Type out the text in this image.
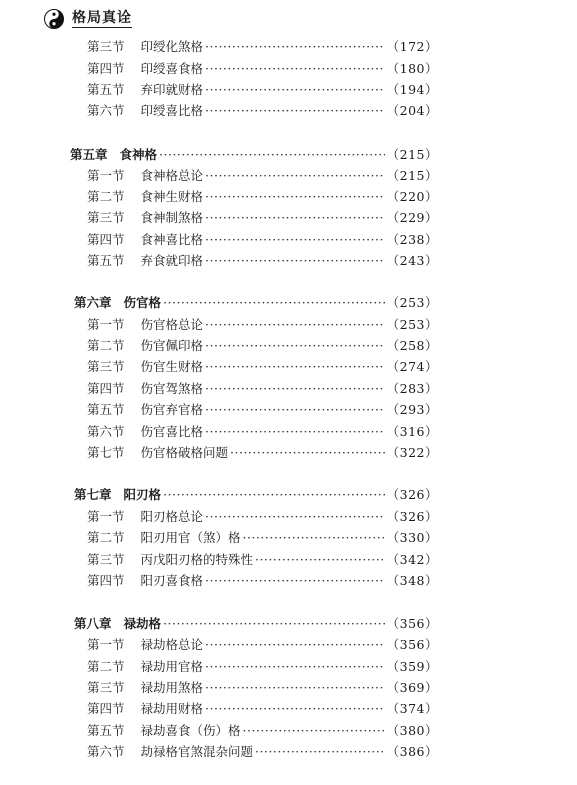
格局真诠
第三节 印绶化煞格 ·····	（172）
第四节 印绶喜食格 ·····	（180）
第五节 弃印就财格 ·····	（194）
第六节 印绶喜比格 ·····	（204）
第五章 食神格 ·····	（215）
第一节 食神格总论 ·····	（215）
第二节 食神生财格 ·····	（220）
第三节 食神制煞格 ·····	（229）
第四节 食神喜比格 ·····	（238）
第五节 弃食就印格 ·····	（243）
第六章 伤官格 ·····	（253）
第一节 伤官格总论 ·····	（253）
第二节 伤官佩印格 ·····	（258）
第三节 伤官生财格 ·····	（274）
第四节 伤官驾煞格 ·····	（283）
第五节 伤官弃官格 ·····	（293）
第六节 伤官喜比格 ·····	（316）
第七节 伤官格破格问题 ·····	（322）
第七章 阳刃格 ·····	（326）
第一节 阳刃格总论 ·····	（326）
第二节 阳刃用官（煞）格 ·····	（330）
第三节 丙戊阳刃格的特殊性 ·····	（342）
第四节 阳刃喜食格 ·····	（348）
第八章 禄劫格 ·····	（356）
第一节 禄劫格总论 ·····	（356）
第二节 禄劫用官格 ·····	（359）
第三节 禄劫用煞格 ·····	（369）
第四节 禄劫用财格 ·····	（374）
第五节 禄劫喜食（伤）格 ·····	（380）
第六节 劫禄格官煞混杂问题 ·····	（386）
